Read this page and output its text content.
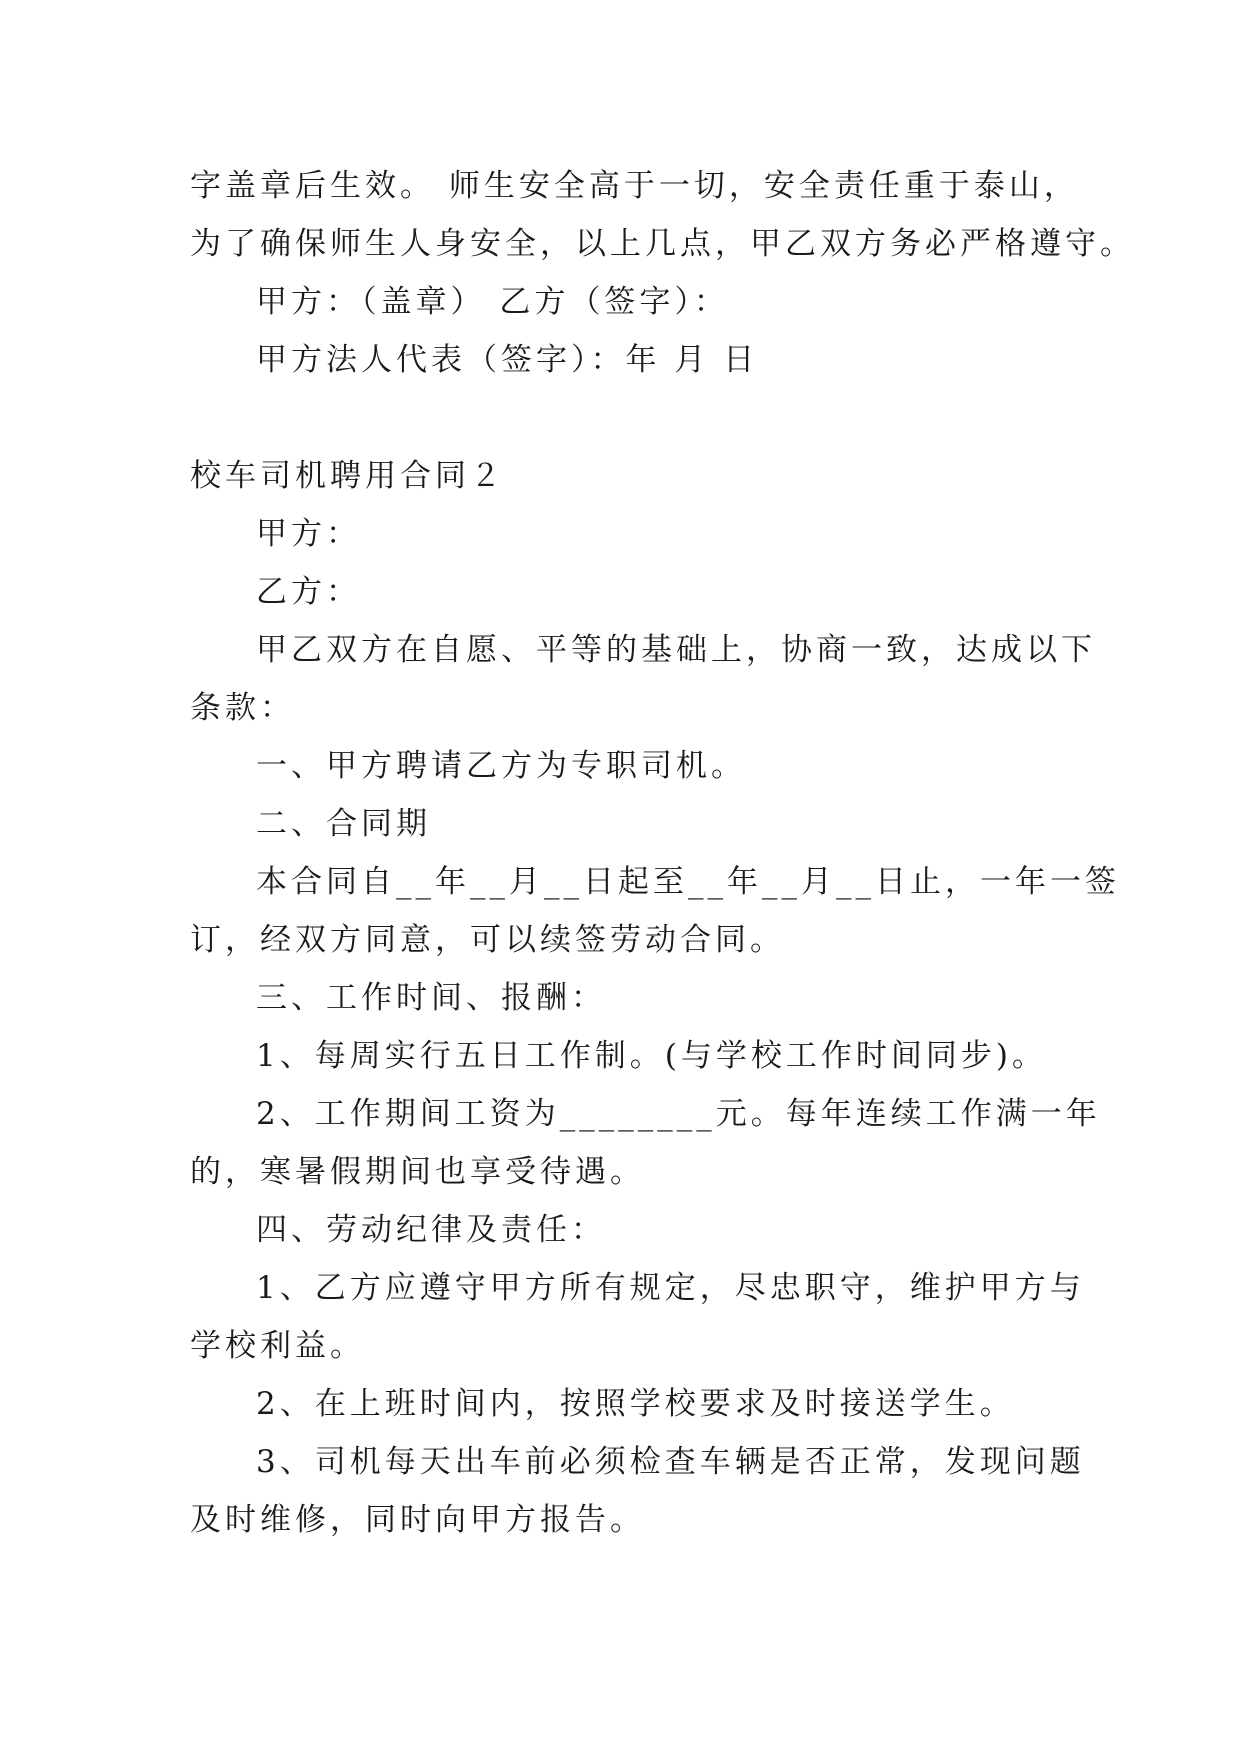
字盖章后生效。 师生安全高于一切，安全责任重于泰山，
为了确保师生人身安全，以上几点，甲乙双方务必严格遵守。
甲方：（盖章） 乙方（签字）：
甲方法人代表（签字）：年 月 日
校车司机聘用合同２
甲方：
乙方：
甲乙双方在自愿、平等的基础上，协商一致，达成以下
条款：
一、甲方聘请乙方为专职司机。
二、合同期
本合同自__年__月__日起至__年__月__日止，一年一签
订，经双方同意，可以续签劳动合同。
三、工作时间、报酬：
1、每周实行五日工作制。(与学校工作时间同步)。
2、工作期间工资为________元。每年连续工作满一年
的，寒暑假期间也享受待遇。
四、劳动纪律及责任：
1、乙方应遵守甲方所有规定，尽忠职守，维护甲方与
学校利益。
2、在上班时间内，按照学校要求及时接送学生。
3、司机每天出车前必须检查车辆是否正常，发现问题
及时维修，同时向甲方报告。
